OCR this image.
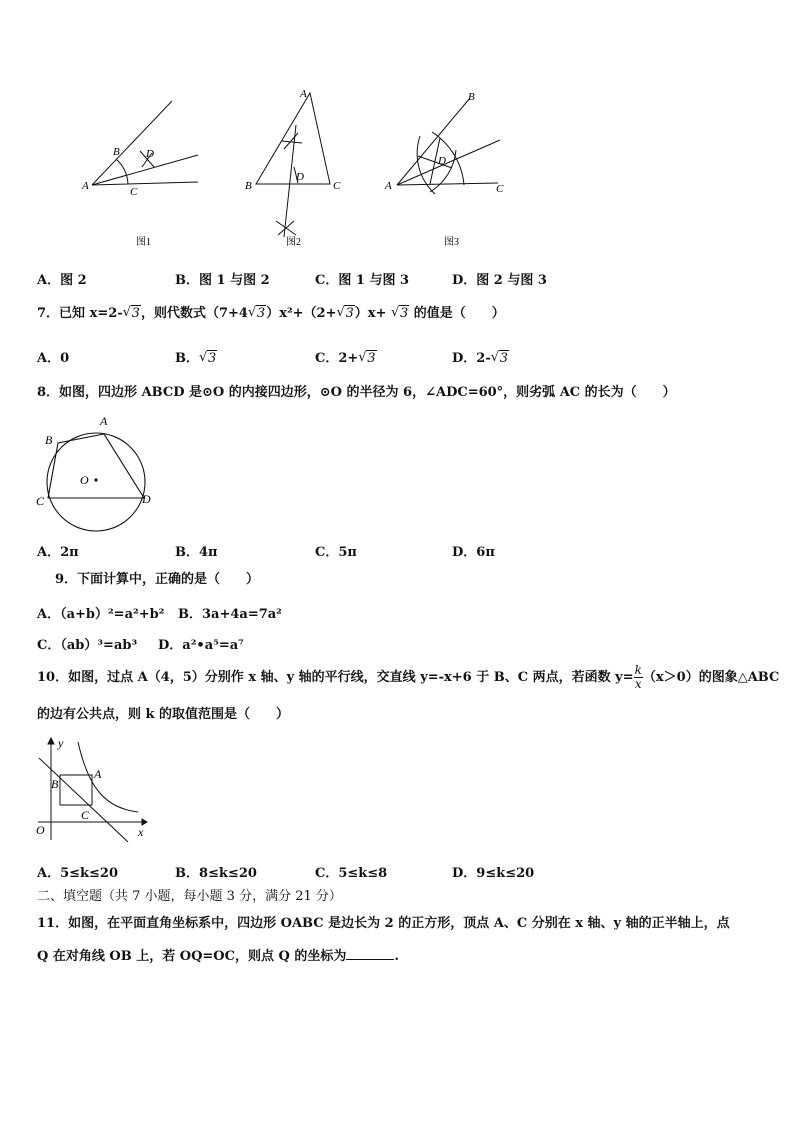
A
B
C
D
图1
A
B	C
D
图2
A
B
C
D
图3
A．图 2	B．图 1 与图 2	C．图 1 与图 3	D．图 2 与图 3
7．已知 x=2- √ 3，则代数式（7+4 √ 3）x²+（2+ √ 3）x+ √ 3 的值是（　　）
A．0	B． √ 3	C．2+ √ 3	D．2- √ 3
8．如图，四边形 ABCD 是⊙O 的内接四边形，⊙O 的半径为 6，∠ADC=60°，则劣弧 AC 的长为（　　）
A
B
C	D
O
A．2π	B．4π	C．5π	D．6π
9．下面计算中，正确的是（　　）
A．（a+b）²=a²+b² B．3a+4a=7a²
C．（ab）³=ab³ D．a²•a⁵=a⁷
10．如图，过点 A（4，5）分别作 x 轴、y 轴的平行线，交直线 y=-x+6 于 B、C 两点，若函数 $y= \frac{k}{x} (x>0)$的图象△ABC
的边有公共点，则 k 的取值范围是（　　）
y
x
O
A
B
C
A．5≤k≤20	B．8≤k≤20	C．5≤k≤8	D．9≤k≤20
二、填空题（共 7 小题，每小题 3 分，满分 21 分）
11．如图，在平面直角坐标系中，四边形 OABC 是边长为 2 的正方形，顶点 A、C 分别在 x 轴、y 轴的正半轴上，点
Q 在对角线 OB 上，若 OQ=OC，则点 Q 的坐标为	.
